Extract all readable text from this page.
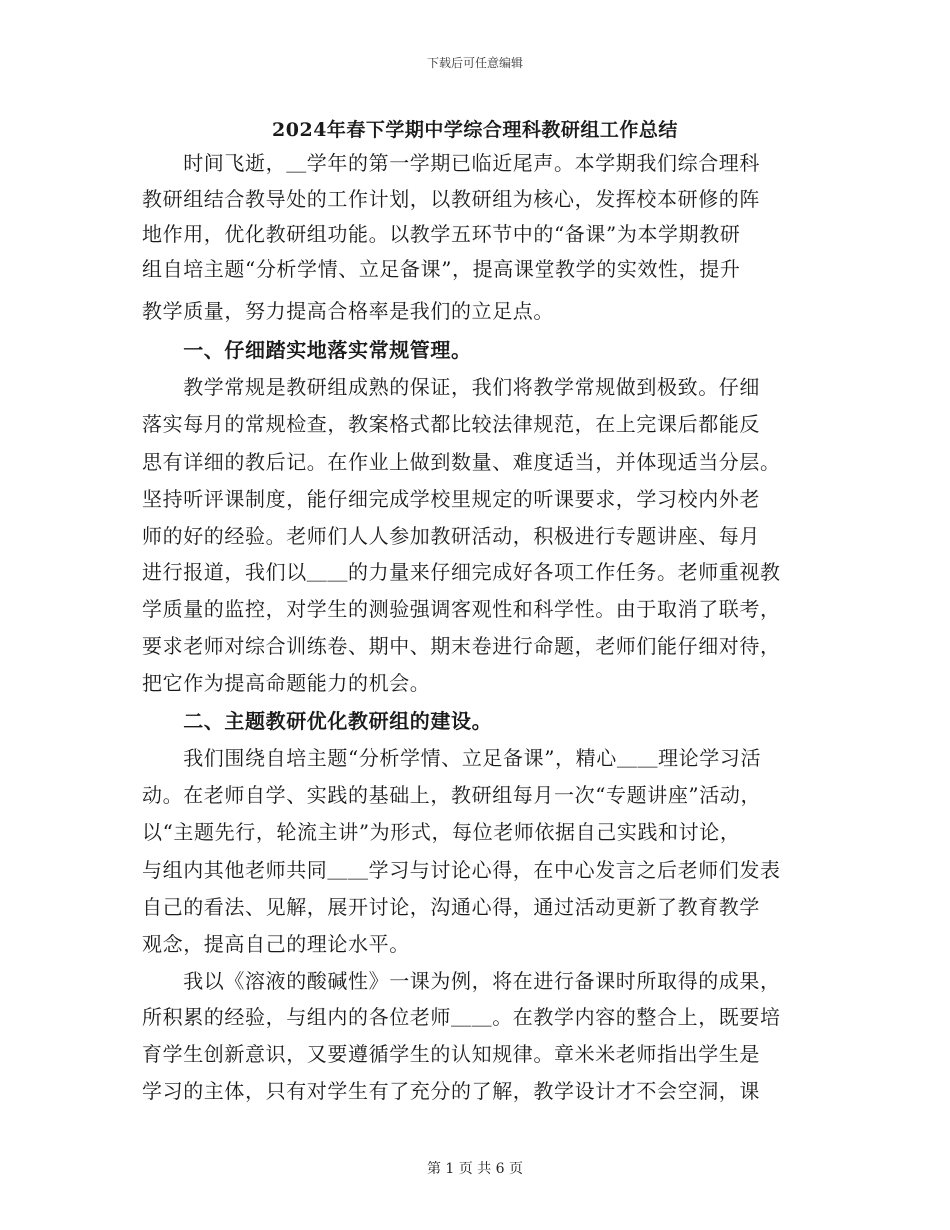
下载后可任意编辑
2024年春下学期中学综合理科教研组工作总结
　　时间飞逝，＿学年的第一学期已临近尾声。本学期我们综合理科
教研组结合教导处的工作计划，以教研组为核心，发挥校本研修的阵
地作用，优化教研组功能。以教学五环节中的“备课”为本学期教研
组自培主题“分析学情、立足备课”，提高课堂教学的实效性，提升
教学质量，努力提高合格率是我们的立足点。
　　一、仔细踏实地落实常规管理。
　　教学常规是教研组成熟的保证，我们将教学常规做到极致。仔细
落实每月的常规检查，教案格式都比较法律规范，在上完课后都能反
思有详细的教后记。在作业上做到数量、难度适当，并体现适当分层。
坚持听评课制度，能仔细完成学校里规定的听课要求，学习校内外老
师的好的经验。老师们人人参加教研活动，积极进行专题讲座、每月
进行报道，我们以＿＿的力量来仔细完成好各项工作任务。老师重视教
学质量的监控，对学生的测验强调客观性和科学性。由于取消了联考，
要求老师对综合训练卷、期中、期末卷进行命题，老师们能仔细对待，
把它作为提高命题能力的机会。
　　二、主题教研优化教研组的建设。
　　我们围绕自培主题“分析学情、立足备课”，精心＿＿理论学习活
动。在老师自学、实践的基础上，教研组每月一次“专题讲座”活动，
以“主题先行，轮流主讲”为形式，每位老师依据自己实践和讨论，
与组内其他老师共同＿＿学习与讨论心得，在中心发言之后老师们发表
自己的看法、见解，展开讨论，沟通心得，通过活动更新了教育教学
观念，提高自己的理论水平。
　　我以《溶液的酸碱性》一课为例，将在进行备课时所取得的成果，
所积累的经验，与组内的各位老师＿＿。在教学内容的整合上，既要培
育学生创新意识，又要遵循学生的认知规律。章米米老师指出学生是
学习的主体，只有对学生有了充分的了解，教学设计才不会空洞，课
第 1 页 共 6 页
